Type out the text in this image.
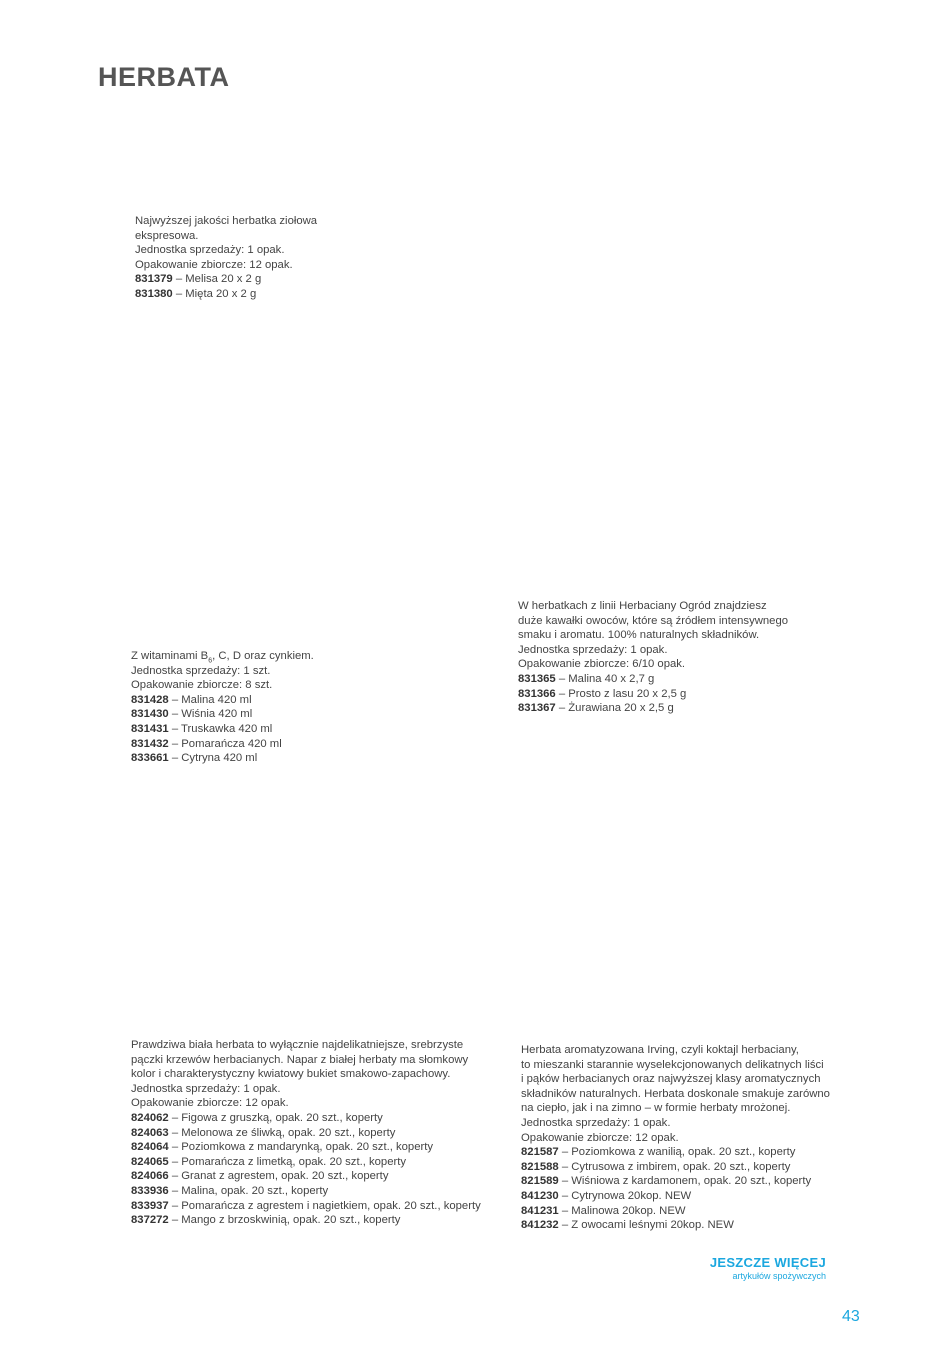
HERBATA
Najwyższej jakości herbatka ziołowa
ekspresowa.
Jednostka sprzedaży: 1 opak.
Opakowanie zbiorcze: 12 opak.
831379 – Melisa 20 x 2 g
831380 – Mięta 20 x 2 g
Z witaminami $B_6$, C, D oraz cynkiem.
Jednostka sprzedaży: 1 szt.
Opakowanie zbiorcze: 8 szt.
831428 – Malina 420 ml
831430 – Wiśnia 420 ml
831431 – Truskawka 420 ml
831432 – Pomarańcza 420 ml
833661 – Cytryna 420 ml
W herbatkach z linii Herbaciany Ogród znajdziesz
duże kawałki owoców, które są źródłem intensywnego
smaku i aromatu. 100% naturalnych składników.
Jednostka sprzedaży: 1 opak.
Opakowanie zbiorcze: 6/10 opak.
831365 – Malina 40 x 2,7 g
831366 – Prosto z lasu 20 x 2,5 g
831367 – Żurawiana 20 x 2,5 g
Prawdziwa biała herbata to wyłącznie najdelikatniejsze, srebrzyste
pączki krzewów herbacianych. Napar z białej herbaty ma słomkowy
kolor i charakterystyczny kwiatowy bukiet smakowo-zapachowy.
Jednostka sprzedaży: 1 opak.
Opakowanie zbiorcze: 12 opak.
824062 – Figowa z gruszką, opak. 20 szt., koperty
824063 – Melonowa ze śliwką, opak. 20 szt., koperty
824064 – Poziomkowa z mandarynką, opak. 20 szt., koperty
824065 – Pomarańcza z limetką, opak. 20 szt., koperty
824066 – Granat z agrestem, opak. 20 szt., koperty
833936 – Malina, opak. 20 szt., koperty
833937 – Pomarańcza z agrestem i nagietkiem, opak. 20 szt., koperty
837272 – Mango z brzoskwinią, opak. 20 szt., koperty
Herbata aromatyzowana Irving, czyli koktajl herbaciany,
to mieszanki starannie wyselekcjonowanych delikatnych liści
i pąków herbacianych oraz najwyższej klasy aromatycznych
składników naturalnych. Herbata doskonale smakuje zarówno
na ciepło, jak i na zimno – w formie herbaty mrożonej.
Jednostka sprzedaży: 1 opak.
Opakowanie zbiorcze: 12 opak.
821587 – Poziomkowa z wanilią, opak. 20 szt., koperty
821588 – Cytrusowa z imbirem, opak. 20 szt., koperty
821589 – Wiśniowa z kardamonem, opak. 20 szt., koperty
841230 – Cytrynowa 20kop. NEW
841231 – Malinowa 20kop. NEW
841232 – Z owocami leśnymi 20kop. NEW
JESZCZE WIĘCEJ
artykułów spożywczych
43
